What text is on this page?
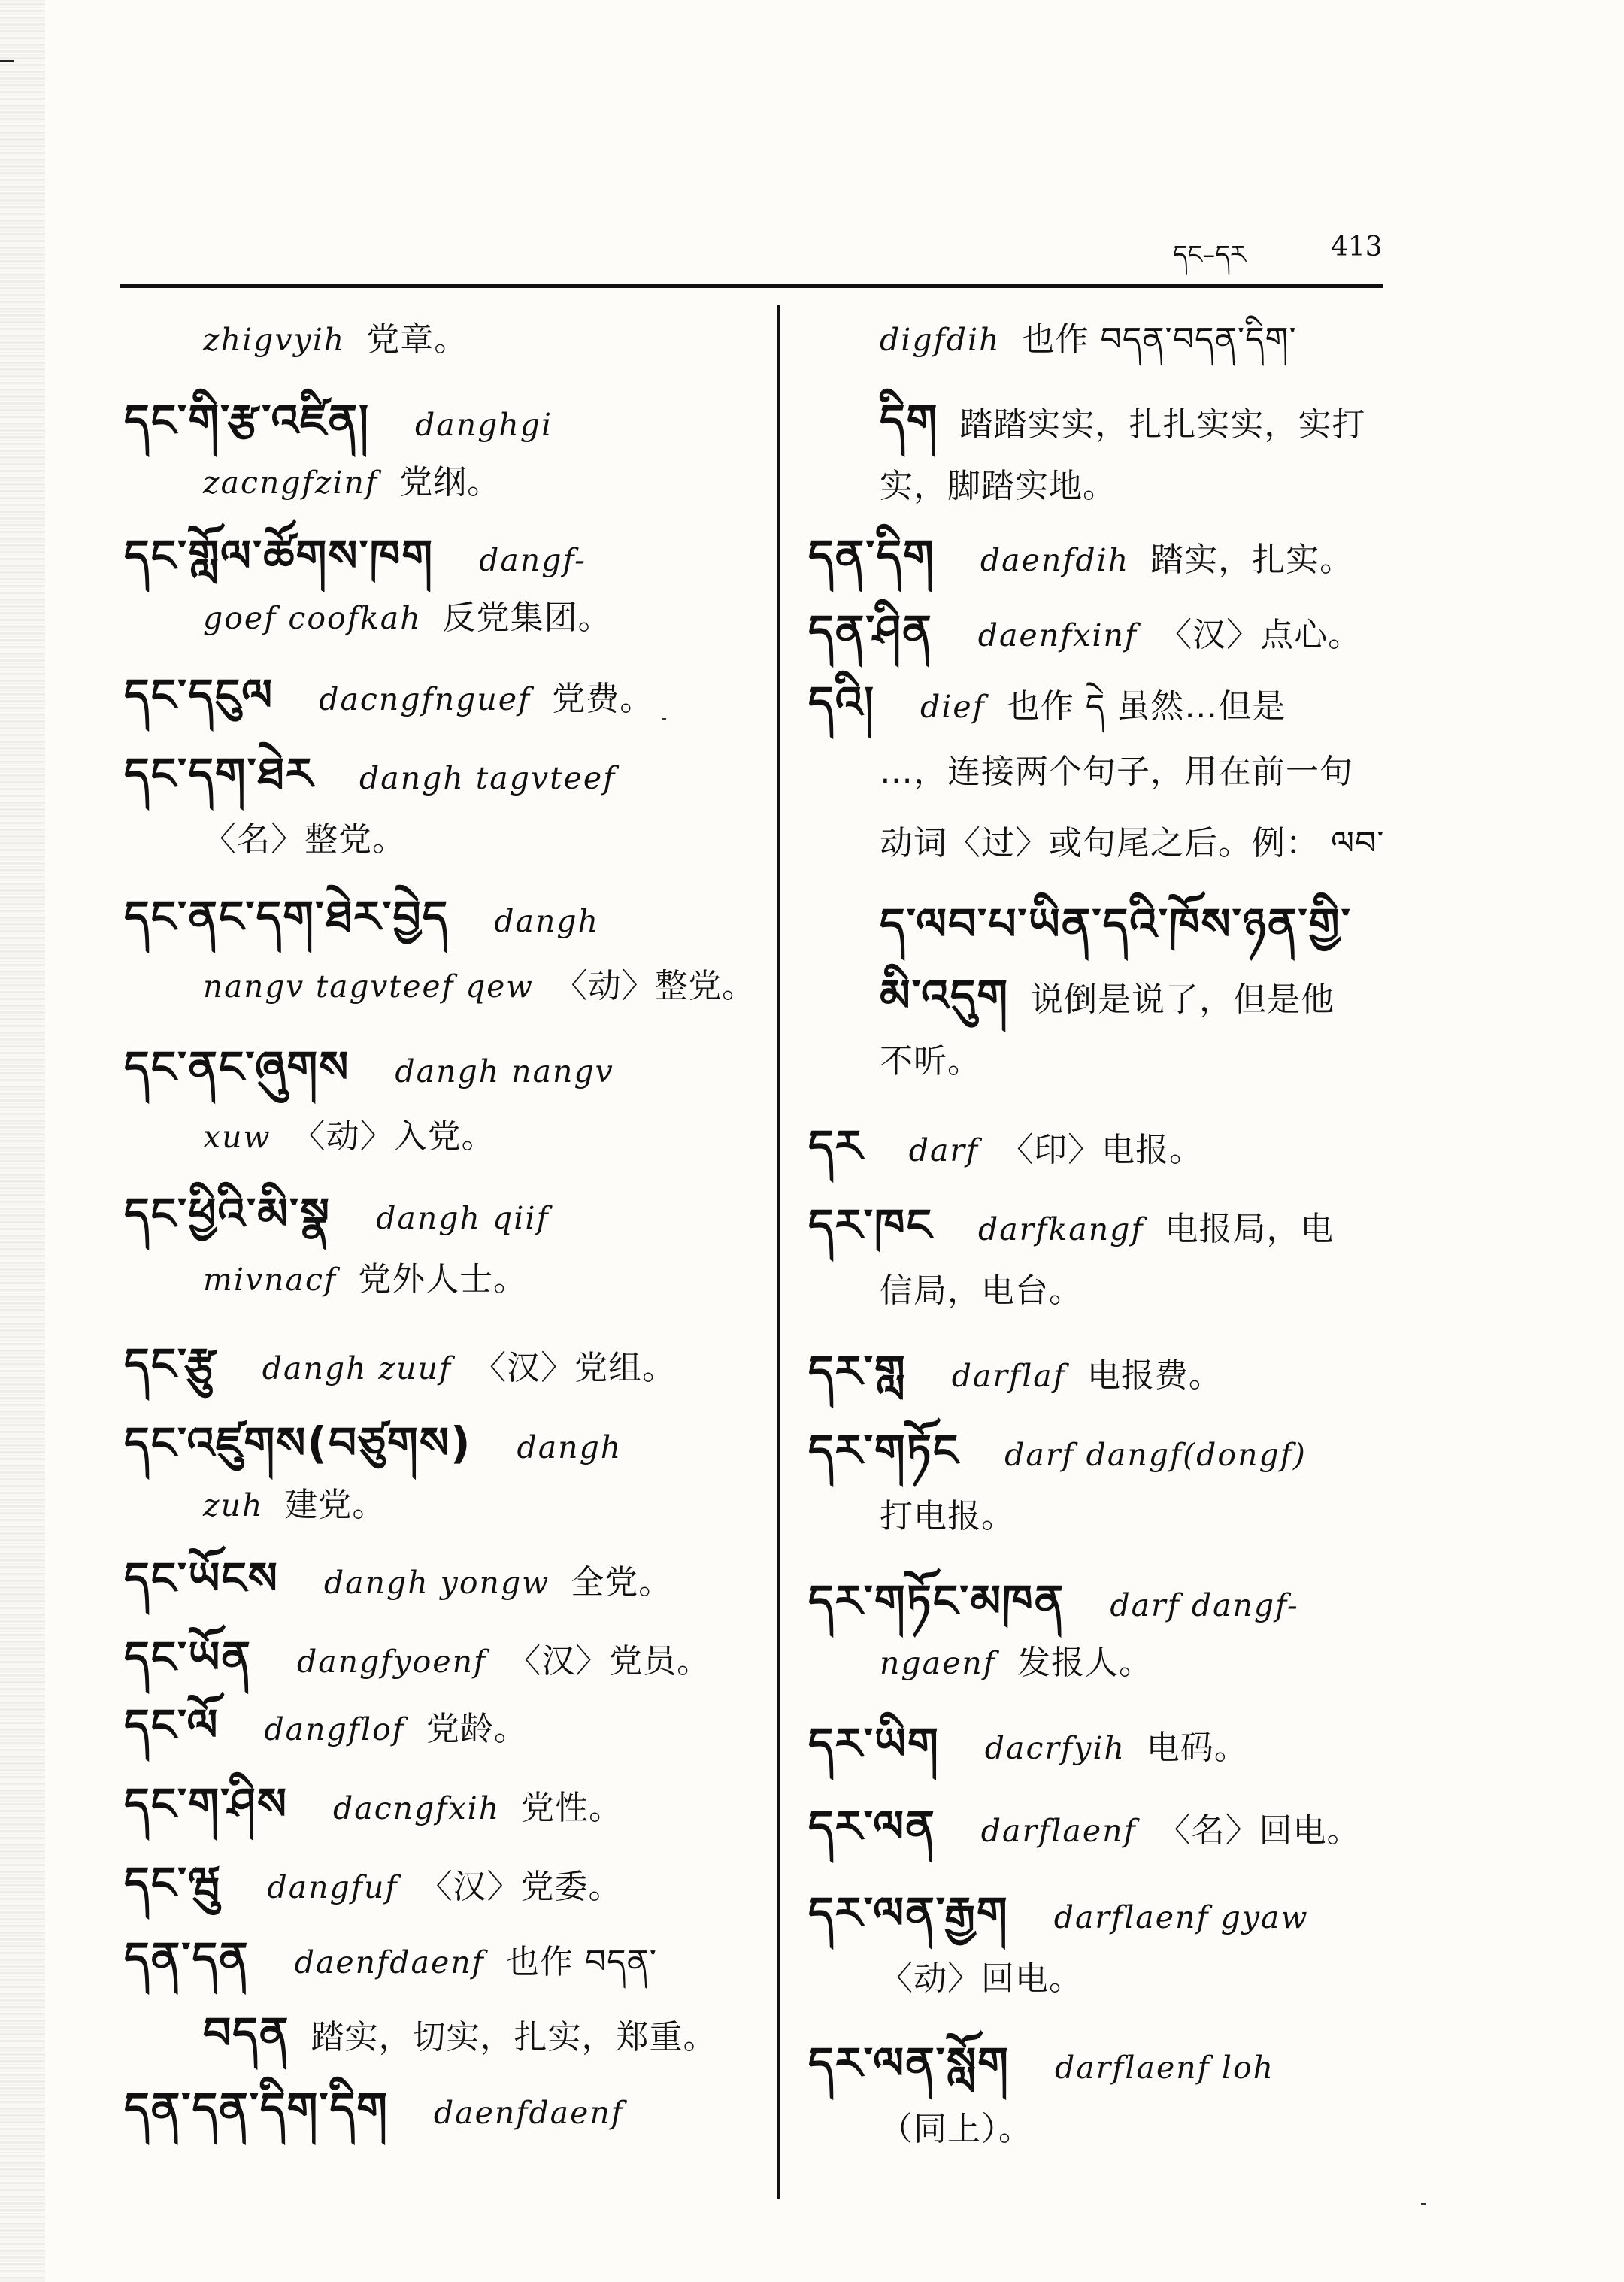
དང–དར	413
zhigvyih 党章。
དང་གི་རྩ་འཛིན། danghgi
zacngfzinf 党纲。
དང་གློལ་ཚོགས་ཁག dangf-
goef coofkah 反党集团。
དང་དངུལ dacngfnguef 党费。
དང་དག་ཐེར dangh tagvteef
〈名〉整党。
དང་ནང་དག་ཐེར་བྱེད dangh
nangv tagvteef qew 〈动〉整党。
དང་ནང་ཞུགས dangh nangv
xuw 〈动〉入党。
དང་ཕྱིའི་མི་སྣ dangh qiif
mivnacf 党外人士。
དང་རྩུ dangh zuuf 〈汉〉党组。
དང་འཛུགས(བཙུགས) dangh
zuh 建党。
དང་ཡོངས dangh yongw 全党。
དང་ཡོན dangfyoenf 〈汉〉党员。
དང་ལོ dangflof 党龄。
དང་ག་ཤིས dacngfxih 党性。
དང་ཝུ dangfuf 〈汉〉党委。
དན་དན daenfdaenf 也作 བདན་
བདན 踏实，切实，扎实，郑重。
དན་དན་དིག་དིག daenfdaenf
digfdih 也作 བདན་བདན་དིག་
དིག 踏踏实实，扎扎实实，实打
实，脚踏实地。
དན་དིག daenfdih 踏实，扎实。
དན་ཤིན daenfxinf 〈汉〉点心。
དའི། dief 也作 དེ 虽然…但是
…，连接两个句子，用在前一句
动词〈过〉或句尾之后。例： ལབ་
ད་ལབ་པ་ཡིན་དའི་ཁོས་ཉན་གྱི་
མི་འདུག 说倒是说了，但是他
不听。
དར darf 〈印〉电报。
དར་ཁང darfkangf 电报局，电
信局，电台。
དར་གླ darflaf 电报费。
དར་གཏོང darf dangf(dongf)
打电报。
དར་གཏོང་མཁན darf dangf-
ngaenf 发报人。
དར་ཡིག dacrfyih 电码。
དར་ལན darflaenf 〈名〉回电。
དར་ལན་རྒྱག darflaenf gyaw
〈动〉回电。
དར་ལན་སློག darflaenf loh
（同上）。
